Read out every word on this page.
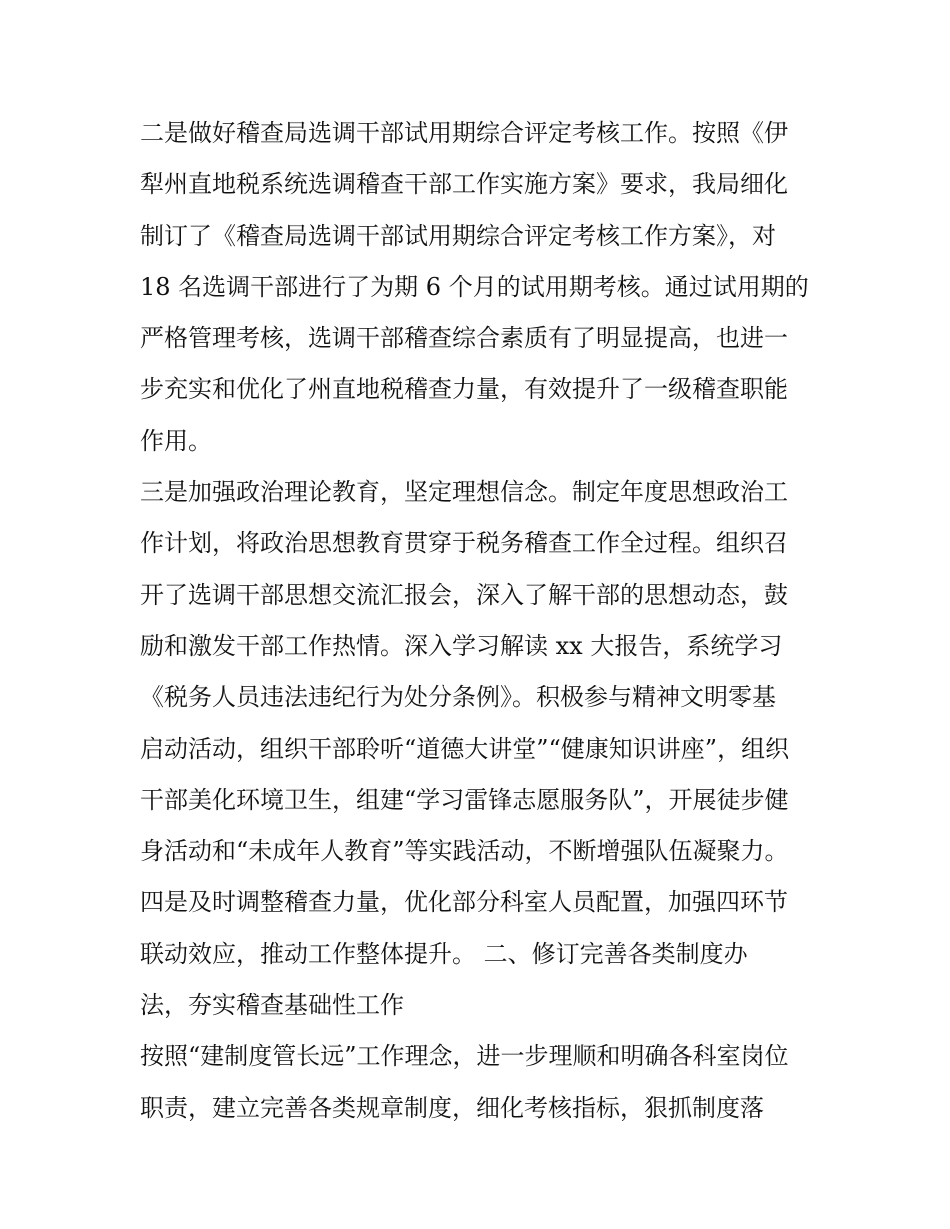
二是做好稽查局选调干部试用期综合评定考核工作。按照《伊
犁州直地税系统选调稽查干部工作实施方案》要求，我局细化
制订了《稽查局选调干部试用期综合评定考核工作方案》，对
18 名选调干部进行了为期 6 个月的试用期考核。通过试用期的
严格管理考核，选调干部稽查综合素质有了明显提高，也进一
步充实和优化了州直地税稽查力量，有效提升了一级稽查职能
作用。
三是加强政治理论教育，坚定理想信念。制定年度思想政治工
作计划，将政治思想教育贯穿于税务稽查工作全过程。组织召
开了选调干部思想交流汇报会，深入了解干部的思想动态，鼓
励和激发干部工作热情。深入学习解读 xx 大报告，系统学习
《税务人员违法违纪行为处分条例》。积极参与精神文明零基
启动活动，组织干部聆听“道德大讲堂”“健康知识讲座”，组织
干部美化环境卫生，组建“学习雷锋志愿服务队”，开展徒步健
身活动和“未成年人教育”等实践活动，不断增强队伍凝聚力。
四是及时调整稽查力量，优化部分科室人员配置，加强四环节
联动效应，推动工作整体提升。 二、修订完善各类制度办
法，夯实稽查基础性工作
按照“建制度管长远”工作理念，进一步理顺和明确各科室岗位
职责，建立完善各类规章制度，细化考核指标，狠抓制度落
